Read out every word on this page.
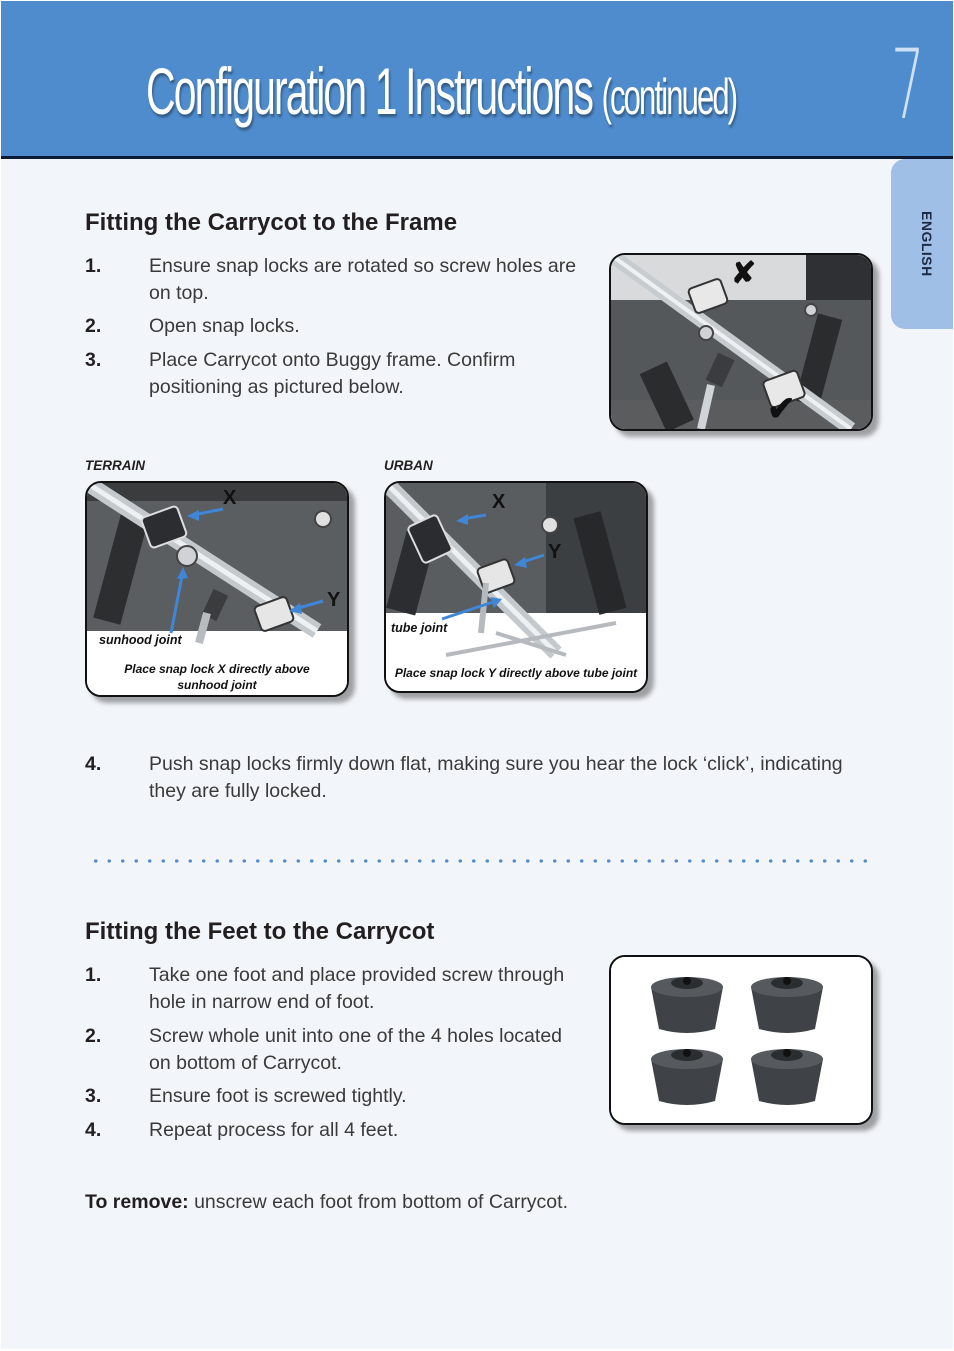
Configuration 1 Instructions (continued) 7
ENGLISH
Fitting the Carrycot to the Frame
1. Ensure snap locks are rotated so screw holes are on top.
2. Open snap locks.
3. Place Carrycot onto Buggy frame. Confirm positioning as pictured below.
✘
✔
TERRAIN	URBAN
X
Y
sunhood joint
Place snap lock X directly above sunhood joint
X
Y
tube joint
Place snap lock Y directly above tube joint
4. Push snap locks firmly down flat, making sure you hear the lock ‘click’, indicating they are fully locked.
Fitting the Feet to the Carrycot
1. Take one foot and place provided screw through hole in narrow end of foot.
2. Screw whole unit into one of the 4 holes located on bottom of Carrycot.
3. Ensure foot is screwed tightly.
4. Repeat process for all 4 feet.
To remove: unscrew each foot from bottom of Carrycot.
